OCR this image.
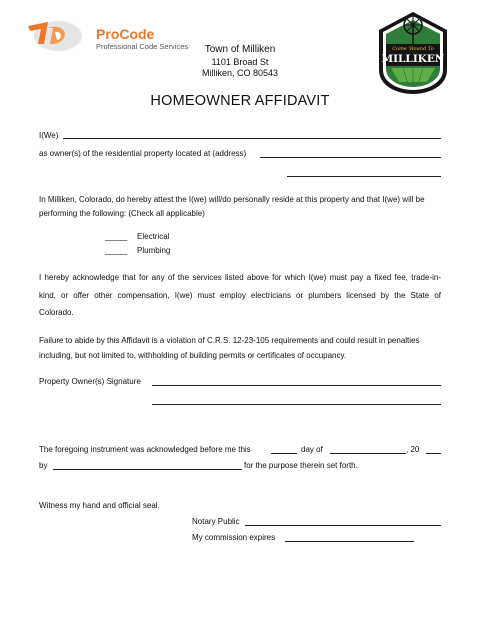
ProCode
Professional Code Services	Town of Milliken
1101 Broad St
Milliken, CO 80543
Come 'Round To
MILLIKEN
HOMEOWNER AFFIDAVIT
I(We)
as owner(s) of the residential property located at (address)
In Milliken, Colorado, do hereby attest the I(we) will/do personally reside at this property and that I(we) will be
performing the following: (Check all applicable)
_____ Electrical
_____ Plumbing
I hereby acknowledge that for any of the services listed above for which I(we) must pay a fixed fee, trade-in-
kind, or offer other compensation, I(we) must employ electricians or plumbers licensed by the State of
Colorado.
Failure to abide by this Affidavit is a violation of C.R.S. 12-23-105 requirements and could result in penalties
including, but not limited to, withholding of building permits or certificates of occupancy.
Property Owner(s) Signature
The foregoing instrument was acknowledged before me this	day of	, 20
by	for the purpose therein set forth.
Witness my hand and official seal.
Notary Public
My commission expires
